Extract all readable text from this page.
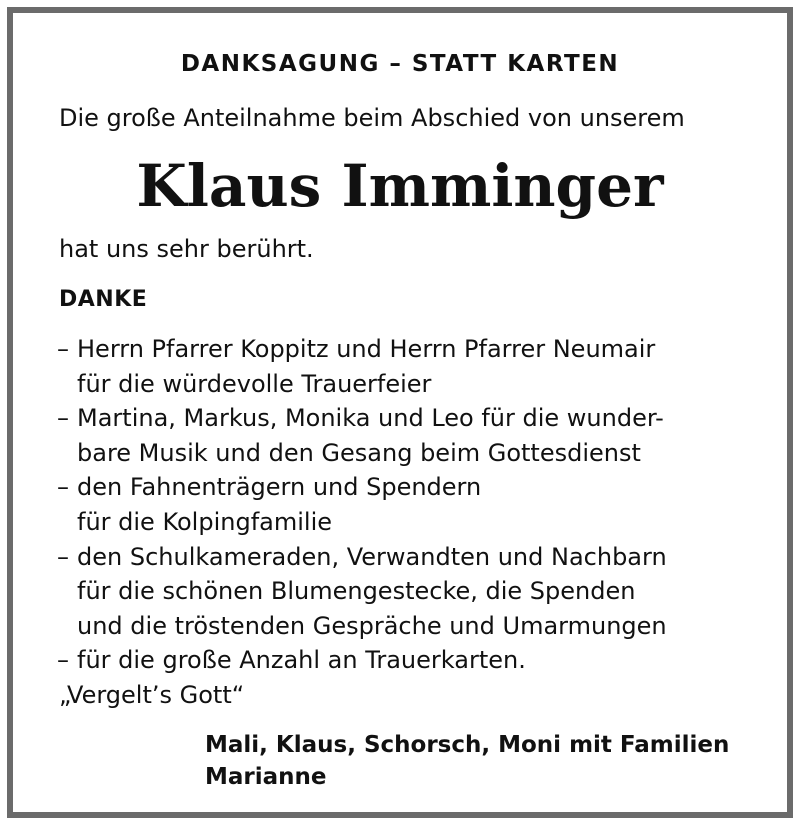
DANKSAGUNG – STATT KARTEN
Die große Anteilnahme beim Abschied von unserem
Klaus Imminger
hat uns sehr berührt.
DANKE
– Herrn Pfarrer Koppitz und Herrn Pfarrer Neumair
für die würdevolle Trauerfeier
– Martina, Markus, Monika und Leo für die wunder-
bare Musik und den Gesang beim Gottesdienst
– den Fahnenträgern und Spendern
für die Kolpingfamilie
– den Schulkameraden, Verwandten und Nachbarn
für die schönen Blumengestecke, die Spenden
und die tröstenden Gespräche und Umarmungen
– für die große Anzahl an Trauerkarten.
„Vergelt’s Gott“
Mali, Klaus, Schorsch, Moni mit Familien
Marianne
